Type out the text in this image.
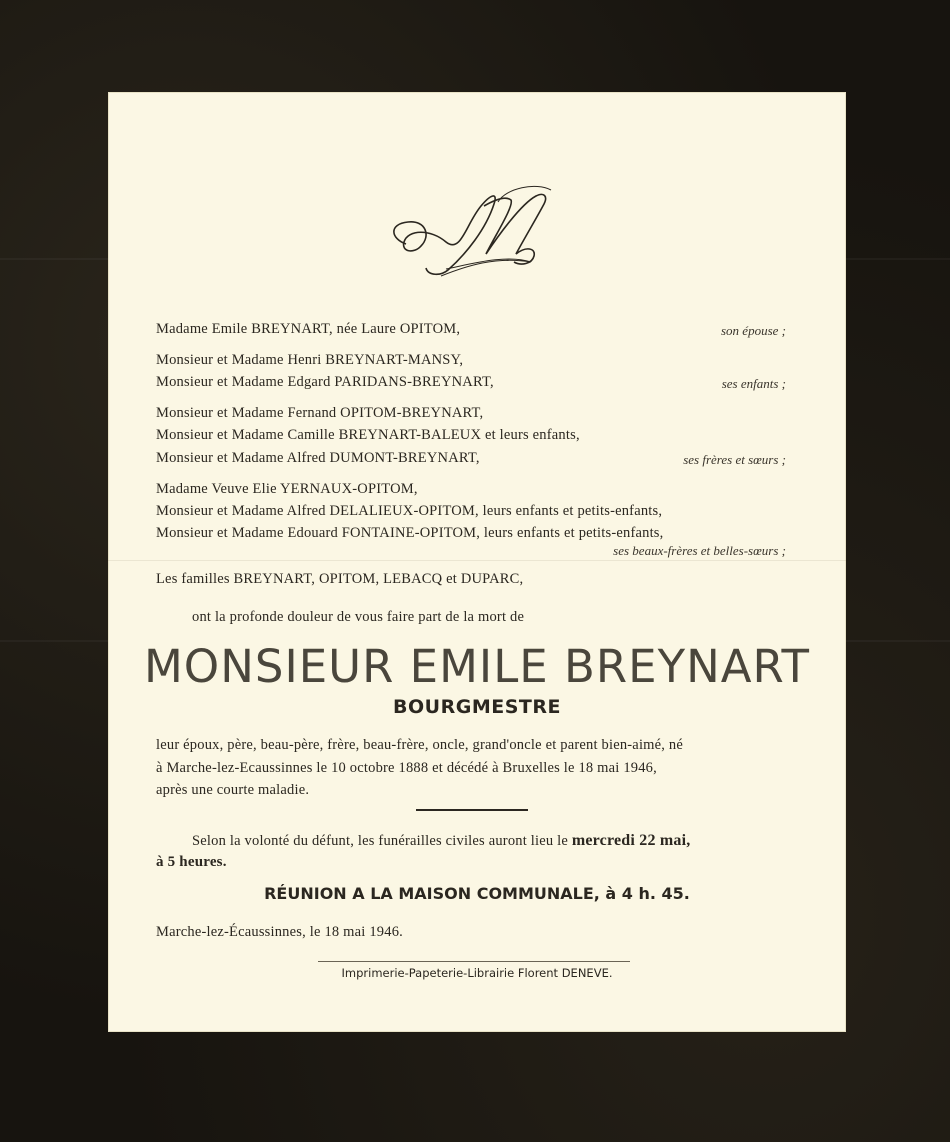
Madame Emile BREYNART, née Laure OPITOM,	son épouse ;
Monsieur et Madame Henri BREYNART-MANSY,
Monsieur et Madame Edgard PARIDANS-BREYNART,	ses enfants ;
Monsieur et Madame Fernand OPITOM-BREYNART,
Monsieur et Madame Camille BREYNART-BALEUX et leurs enfants,
Monsieur et Madame Alfred DUMONT-BREYNART,	ses frères et sœurs ;
Madame Veuve Elie YERNAUX-OPITOM,
Monsieur et Madame Alfred DELALIEUX-OPITOM, leurs enfants et petits-enfants,
Monsieur et Madame Edouard FONTAINE-OPITOM, leurs enfants et petits-enfants,
ses beaux-frères et belles-sœurs ;
Les familles BREYNART, OPITOM, LEBACQ et DUPARC,
ont la profonde douleur de vous faire part de la mort de
MONSIEUR EMILE BREYNART
BOURGMESTRE
leur époux, père, beau-père, frère, beau-frère, oncle, grand'oncle et parent bien-aimé, né
à Marche-lez-Ecaussinnes le 10 octobre 1888 et décédé à Bruxelles le 18 mai 1946,
après une courte maladie.
Selon la volonté du défunt, les funérailles civiles auront lieu le mercredi 22 mai,
à 5 heures.
RÉUNION A LA MAISON COMMUNALE, à 4 h. 45.
Marche-lez-Écaussinnes, le 18 mai 1946.
Imprimerie-Papeterie-Librairie Florent DENEVE.
